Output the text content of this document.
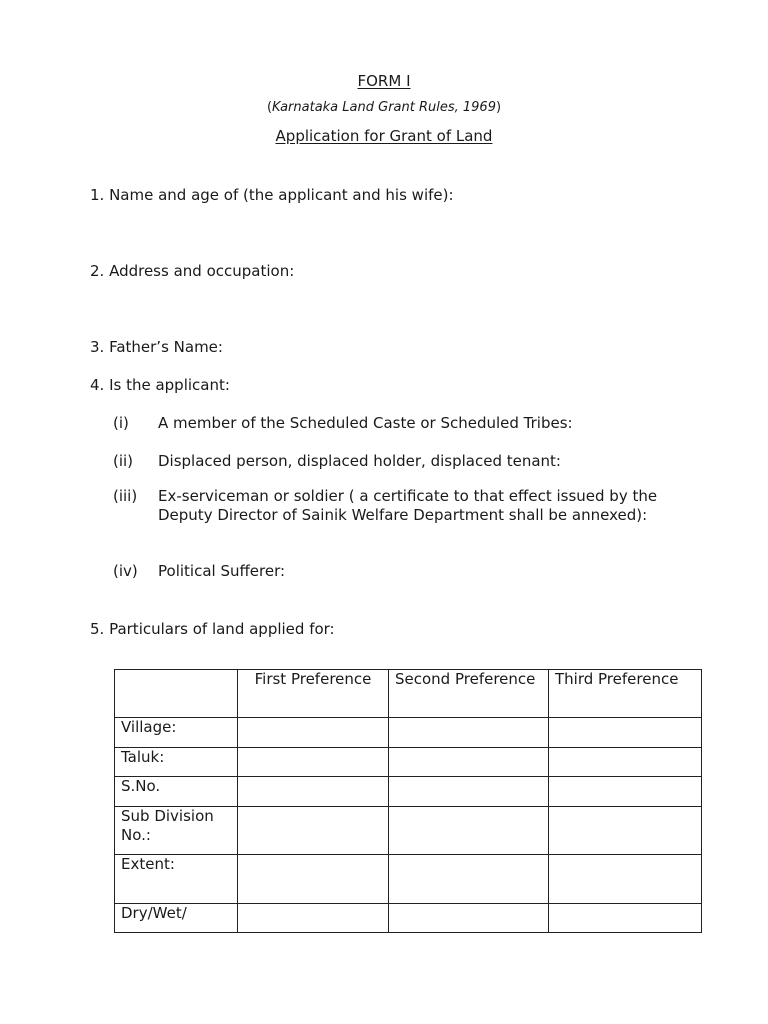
FORM I
(Karnataka Land Grant Rules, 1969)
Application for Grant of Land
1. Name and age of (the applicant and his wife):
2. Address and occupation:
3. Father’s Name:
4. Is the applicant:
(i) A member of the Scheduled Caste or Scheduled Tribes:
(ii) Displaced person, displaced holder, displaced tenant:
(iii) Ex-serviceman or soldier ( a certificate to that effect issued by the Deputy Director of Sainik Welfare Department shall be annexed):
(iv) Political Sufferer:
5. Particulars of land applied for:
	First Preference	Second Preference	Third Preference
Village:			
Taluk:			
S.No.			
Sub Division No.:			
Extent:			
Dry/Wet/			
